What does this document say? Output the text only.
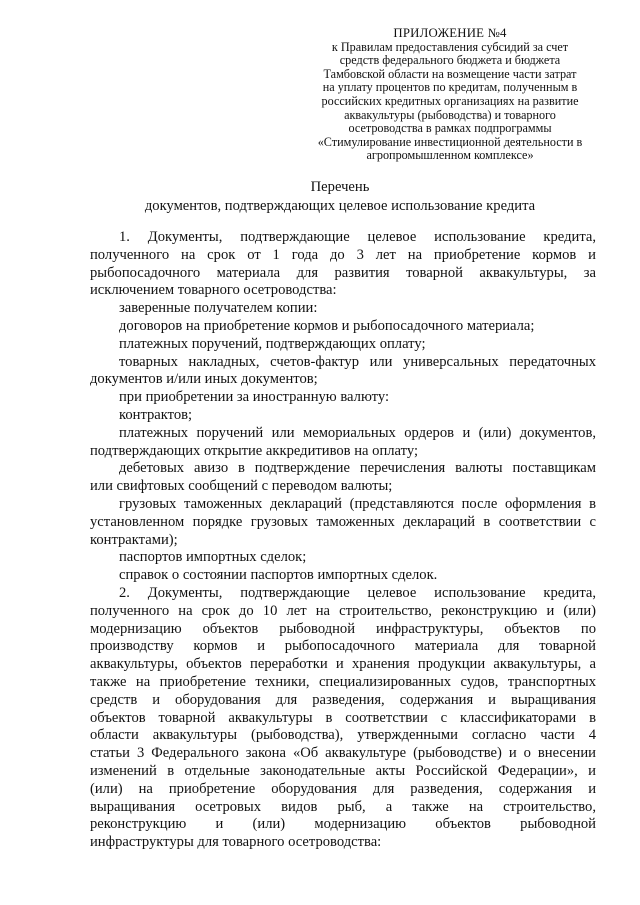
ПРИЛОЖЕНИЕ №4
к Правилам предоставления субсидий за счет
средств федерального бюджета и бюджета
Тамбовской области на возмещение части затрат
на уплату процентов по кредитам, полученным в
российских кредитных организациях на развитие
аквакультуры (рыбоводства) и товарного
осетроводства в рамках подпрограммы
«Стимулирование инвестиционной деятельности в
агропромышленном комплексе»
Перечень
документов, подтверждающих целевое использование кредита
1. Документы, подтверждающие целевое использование кредита,
полученного на срок от 1 года до 3 лет на приобретение кормов и
рыбопосадочного материала для развития товарной аквакультуры, за
исключением товарного осетроводства:
заверенные получателем копии:
договоров на приобретение кормов и рыбопосадочного материала;
платежных поручений, подтверждающих оплату;
товарных накладных, счетов-фактур или универсальных передаточных
документов и/или иных документов;
при приобретении за иностранную валюту:
контрактов;
платежных поручений или мемориальных ордеров и (или) документов,
подтверждающих открытие аккредитивов на оплату;
дебетовых авизо в подтверждение перечисления валюты поставщикам
или свифтовых сообщений с переводом валюты;
грузовых таможенных деклараций (представляются после оформления в
установленном порядке грузовых таможенных деклараций в соответствии с
контрактами);
паспортов импортных сделок;
справок о состоянии паспортов импортных сделок.
2. Документы, подтверждающие целевое использование кредита,
полученного на срок до 10 лет на строительство, реконструкцию и (или)
модернизацию объектов рыбоводной инфраструктуры, объектов по
производству кормов и рыбопосадочного материала для товарной
аквакультуры, объектов переработки и хранения продукции аквакультуры, а
также на приобретение техники, специализированных судов, транспортных
средств и оборудования для разведения, содержания и выращивания
объектов товарной аквакультуры в соответствии с классификаторами в
области аквакультуры (рыбоводства), утвержденными согласно части 4
статьи 3 Федерального закона «Об аквакультуре (рыбоводстве) и о внесении
изменений в отдельные законодательные акты Российской Федерации», и
(или) на приобретение оборудования для разведения, содержания и
выращивания осетровых видов рыб, а также на строительство,
реконструкцию и (или) модернизацию объектов рыбоводной
инфраструктуры для товарного осетроводства:
